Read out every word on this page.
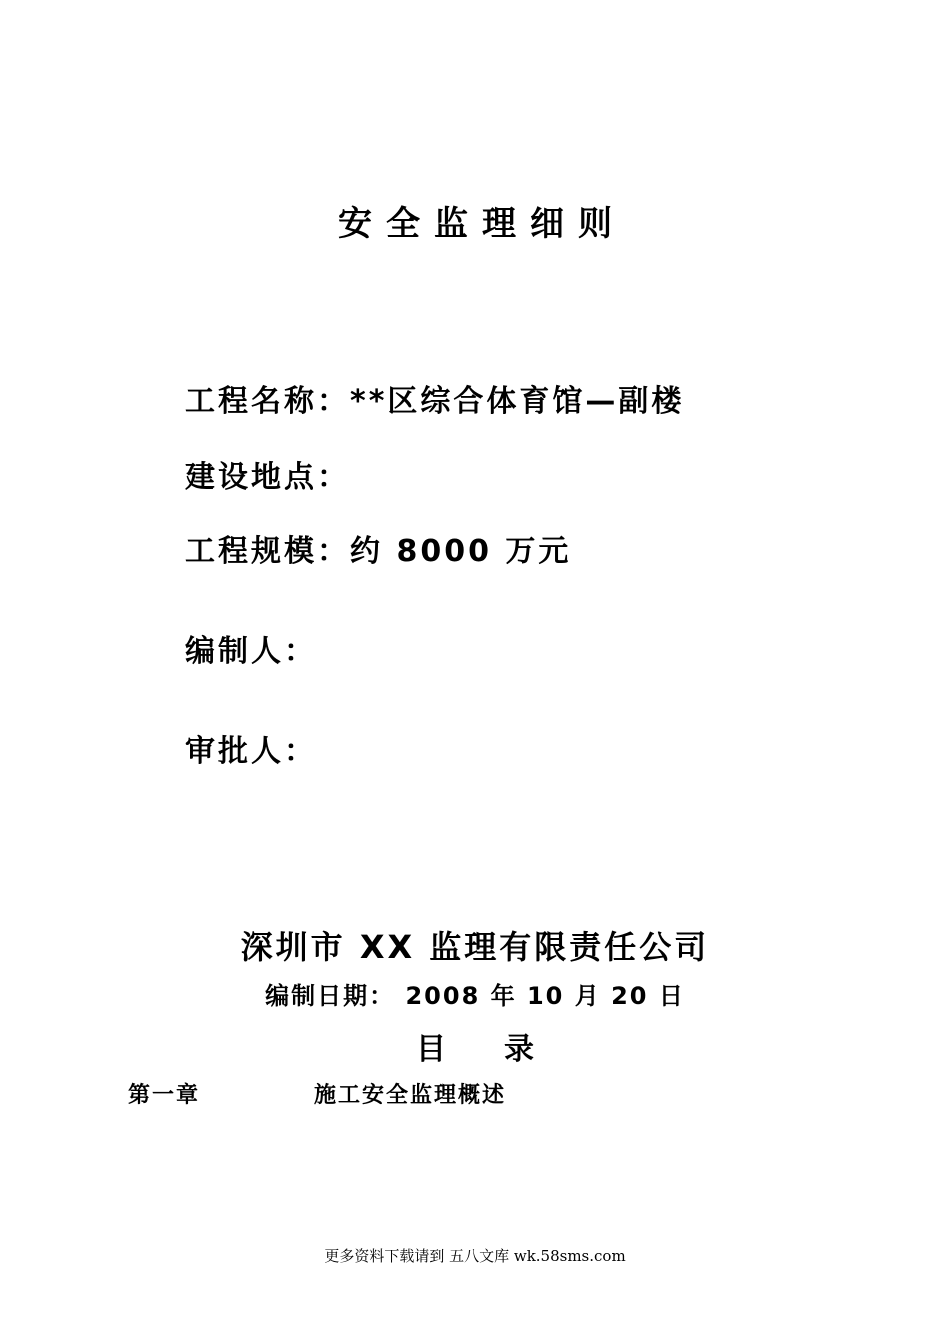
安全监理细则
工程名称：**区综合体育馆—副楼
建设地点：
工程规模：约 8000 万元
编制人：
审批人：
深圳市 XX 监理有限责任公司
编制日期： 2008 年 10 月 20 日
目 录
第一章	施工安全监理概述
更多资料下载请到 五八文库 wk.58sms.com
